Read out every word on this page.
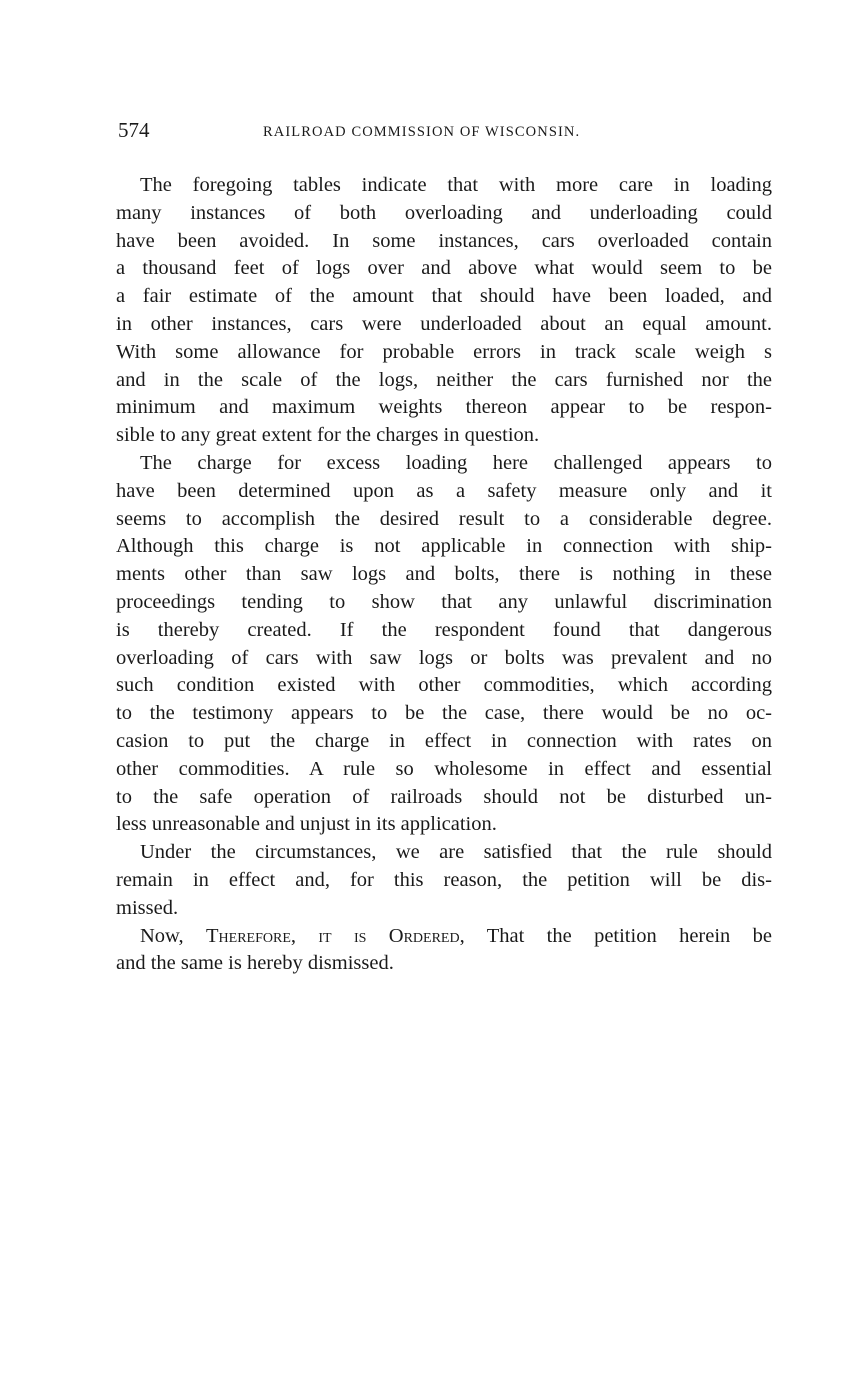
574	RAILROAD COMMISSION OF WISCONSIN.
The foregoing tables indicate that with more care in loading
many instances of both overloading and underloading could
have been avoided. In some instances, cars overloaded contain
a thousand feet of logs over and above what would seem to be
a fair estimate of the amount that should have been loaded, and
in other instances, cars were underloaded about an equal amount.
With some allowance for probable errors in track scale weigh s
and in the scale of the logs, neither the cars furnished nor the
minimum and maximum weights thereon appear to be respon-
sible to any great extent for the charges in question.
The charge for excess loading here challenged appears to
have been determined upon as a safety measure only and it
seems to accomplish the desired result to a considerable degree.
Although this charge is not applicable in connection with ship-
ments other than saw logs and bolts, there is nothing in these
proceedings tending to show that any unlawful discrimination
is thereby created. If the respondent found that dangerous
overloading of cars with saw logs or bolts was prevalent and no
such condition existed with other commodities, which according
to the testimony appears to be the case, there would be no oc-
casion to put the charge in effect in connection with rates on
other commodities. A rule so wholesome in effect and essential
to the safe operation of railroads should not be disturbed un-
less unreasonable and unjust in its application.
Under the circumstances, we are satisfied that the rule should
remain in effect and, for this reason, the petition will be dis-
missed.
Now, Therefore, it is Ordered, That the petition herein be
and the same is hereby dismissed.
